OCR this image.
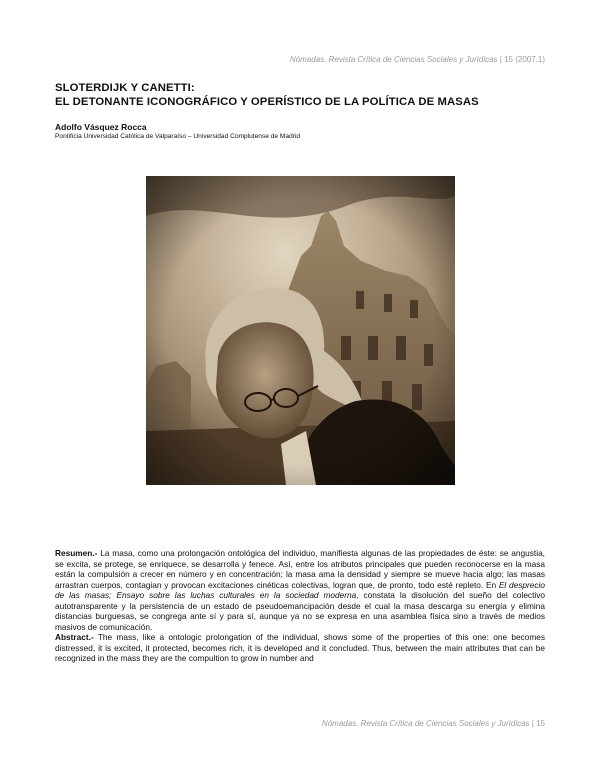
Nómadas. Revista Crítica de Ciencias Sociales y Jurídicas | 15 (2007.1)
SLOTERDIJK Y CANETTI:
EL DETONANTE ICONOGRÁFICO Y OPERÍSTICO DE LA POLÍTICA DE MASAS
Adolfo Vásquez Rocca
Pontificia Universidad Católica de Valparaíso – Universidad Complutense de Madrid

Resumen.- La masa, como una prolongación ontológica del individuo, manifiesta algunas de las propiedades de éste: se angustia, se excita, se protege, se enriquece, se desarrolla y fenece. Así, entre los atributos principales que pueden reconocerse en la masa están la compulsión a crecer en número y en concentración; la masa ama la densidad y siempre se mueve hacia algo; las masas arrastran cuerpos, contagian y provocan excitaciones cinéticas colectivas, logran que, de pronto, todo esté repleto. En El desprecio de las masas; Ensayo sobre las luchas culturales en la sociedad moderna, constata la disolución del sueño del colectivo autotransparente y la persistencia de un estado de pseudoemancipación desde el cual la masa descarga su energía y elimina distancias burguesas, se congrega ante sí y para sí, aunque ya no se expresa en una asamblea física sino a través de medios masivos de comunicación.

Abstract.- The mass, like a ontologic prolongation of the individual, shows some of the properties of this one: one becomes distressed, it is excited, it protected, becomes rich, it is developed and it concluded. Thus, between the main attributes that can be recognized in the mass they are the compultion to grow in number and

Nómadas. Revista Crítica de Ciencias Sociales y Jurídicas | 15
